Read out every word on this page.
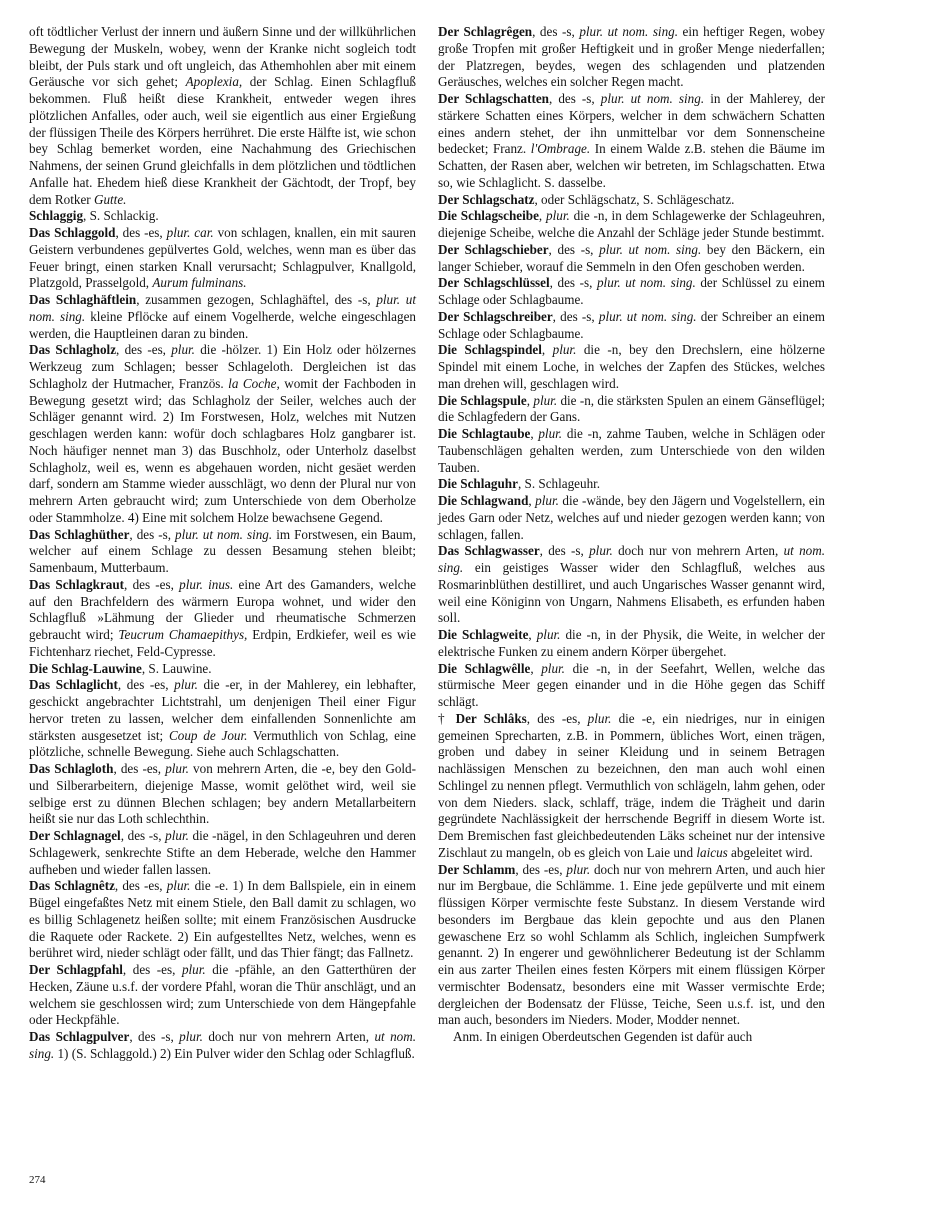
oft tödtlicher Verlust der innern und äußern Sinne und der willkührlichen Bewegung der Muskeln, wobey, wenn der Kranke nicht sogleich todt bleibt, der Puls stark und oft ungleich, das Athemhohlen aber mit einem Geräusche vor sich gehet; Apoplexia, der Schlag. Einen Schlagfluß bekommen. Fluß heißt diese Krankheit, entweder wegen ihres plötzlichen Anfalles, oder auch, weil sie eigentlich aus einer Ergießung der flüssigen Theile des Körpers herrühret. Die erste Hälfte ist, wie schon bey Schlag bemerket worden, eine Nachahmung des Griechischen Nahmens, der seinen Grund gleichfalls in dem plötzlichen und tödtlichen Anfalle hat. Ehedem hieß diese Krankheit der Gächtodt, der Tropf, bey dem Rotker Gutte.

Schlaggig, S. Schlackig.

Das Schlaggold, des -es, plur. car. von schlagen, knallen, ein mit sauren Geistern verbundenes gepülvertes Gold, welches, wenn man es über das Feuer bringt, einen starken Knall verursacht; Schlagpulver, Knallgold, Platzgold, Prasselgold, Aurum fulminans.

Das Schlaghäftlein, zusammen gezogen, Schlaghäftel, des -s, plur. ut nom. sing. kleine Pflöcke auf einem Vogelherde, welche eingeschlagen werden, die Hauptleinen daran zu binden.

Das Schlagholz, des -es, plur. die -hölzer. 1) Ein Holz oder hölzernes Werkzeug zum Schlagen; besser Schlageloth. Dergleichen ist das Schlagholz der Hutmacher, Französ. la Coche, womit der Fachboden in Bewegung gesetzt wird; das Schlagholz der Seiler, welches auch der Schläger genannt wird. 2) Im Forstwesen, Holz, welches mit Nutzen geschlagen werden kann: wofür doch schlagbares Holz gangbarer ist. Noch häufiger nennet man 3) das Buschholz, oder Unterholz daselbst Schlagholz, weil es, wenn es abgehauen worden, nicht gesäet werden darf, sondern am Stamme wieder ausschlägt, wo denn der Plural nur von mehrern Arten gebraucht wird; zum Unterschiede von dem Oberholze oder Stammholze. 4) Eine mit solchem Holze bewachsene Gegend.

Das Schlaghüther, des -s, plur. ut nom. sing. im Forstwesen, ein Baum, welcher auf einem Schlage zu dessen Besamung stehen bleibt; Samenbaum, Mutterbaum.

Das Schlagkraut, des -es, plur. inus. eine Art des Gamanders, welche auf den Brachfeldern des wärmern Europa wohnet, und wider den Schlagfluß »Lähmung der Glieder und rheumatische Schmerzen gebraucht wird; Teucrum Chamaepithys, Erdpin, Erdkiefer, weil es wie Fichtenharz riechet, Feld-Cypresse.

Die Schlag-Lauwine, S. Lauwine.

Das Schlaglicht, des -es, plur. die -er, in der Mahlerey, ein lebhafter, geschickt angebrachter Lichtstrahl, um denjenigen Theil einer Figur hervor treten zu lassen, welcher dem einfallenden Sonnenlichte am stärksten ausgesetzet ist; Coup de Jour. Vermuthlich von Schlag, eine plötzliche, schnelle Bewegung. Siehe auch Schlagschatten.

Das Schlagloth, des -es, plur. von mehrern Arten, die -e, bey den Gold- und Silberarbeitern, diejenige Masse, womit gelöthet wird, weil sie selbige erst zu dünnen Blechen schlagen; bey andern Metallarbeitern heißt sie nur das Loth schlechthin.

Der Schlagnagel, des -s, plur. die -nägel, in den Schlageuhren und deren Schlagewerk, senkrechte Stifte an dem Heberade, welche den Hammer aufheben und wieder fallen lassen.

Das Schlagnêtz, des -es, plur. die -e. 1) In dem Ballspiele, ein in einem Bügel eingefaßtes Netz mit einem Stiele, den Ball damit zu schlagen, wo es billig Schlagenetz heißen sollte; mit einem Französischen Ausdrucke die Raquete oder Rackete. 2) Ein aufgestelltes Netz, welches, wenn es berühret wird, nieder schlägt oder fällt, und das Thier fängt; das Fallnetz.

Der Schlagpfahl, des -es, plur. die -pfähle, an den Gatterthüren der Hecken, Zäune u.s.f. der vordere Pfahl, woran die Thür anschlägt, und an welchem sie geschlossen wird; zum Unterschiede von dem Hängepfahle oder Heckpfähle.

Das Schlagpulver, des -s, plur. doch nur von mehrern Arten, ut nom. sing. 1) (S. Schlaggold.) 2) Ein Pulver wider den Schlag oder Schlagfluß.

Der Schlagrêgen, des -s, plur. ut nom. sing. ein heftiger Regen, wobey große Tropfen mit großer Heftigkeit und in großer Menge niederfallen; der Platzregen, beydes, wegen des schlagenden und platzenden Geräusches, welches ein solcher Regen macht.

Der Schlagschatten, des -s, plur. ut nom. sing. in der Mahlerey, der stärkere Schatten eines Körpers, welcher in dem schwächern Schatten eines andern stehet, der ihn unmittelbar vor dem Sonnenscheine bedecket; Franz. l'Ombrage. In einem Walde z.B. stehen die Bäume im Schatten, der Rasen aber, welchen wir betreten, im Schlagschatten. Etwa so, wie Schlaglicht. S. dasselbe.

Der Schlagschatz, oder Schlägschatz, S. Schlägeschatz.

Die Schlagscheibe, plur. die -n, in dem Schlagewerke der Schlageuhren, diejenige Scheibe, welche die Anzahl der Schläge jeder Stunde bestimmt.

Der Schlagschieber, des -s, plur. ut nom. sing. bey den Bäckern, ein langer Schieber, worauf die Semmeln in den Ofen geschoben werden.

Der Schlagschlüssel, des -s, plur. ut nom. sing. der Schlüssel zu einem Schlage oder Schlagbaume.

Der Schlagschreiber, des -s, plur. ut nom. sing. der Schreiber an einem Schlage oder Schlagbaume.

Die Schlagspindel, plur. die -n, bey den Drechslern, eine hölzerne Spindel mit einem Loche, in welches der Zapfen des Stückes, welches man drehen will, geschlagen wird.

Die Schlagspule, plur. die -n, die stärksten Spulen an einem Gänseflügel; die Schlagfedern der Gans.

Die Schlagtaube, plur. die -n, zahme Tauben, welche in Schlägen oder Taubenschlägen gehalten werden, zum Unterschiede von den wilden Tauben.

Die Schlaguhr, S. Schlageuhr.

Die Schlagwand, plur. die -wände, bey den Jägern und Vogelstellern, ein jedes Garn oder Netz, welches auf und nieder gezogen werden kann; von schlagen, fallen.

Das Schlagwasser, des -s, plur. doch nur von mehrern Arten, ut nom. sing. ein geistiges Wasser wider den Schlagfluß, welches aus Rosmarinblüthen destilliret, und auch Ungarisches Wasser genannt wird, weil eine Königinn von Ungarn, Nahmens Elisabeth, es erfunden haben soll.

Die Schlagweite, plur. die -n, in der Physik, die Weite, in welcher der elektrische Funken zu einem andern Körper übergehet.

Die Schlagwêlle, plur. die -n, in der Seefahrt, Wellen, welche das stürmische Meer gegen einander und in die Höhe gegen das Schiff schlägt.

† Der Schlâks, des -es, plur. die -e, ein niedriges, nur in einigen gemeinen Sprecharten, z.B. in Pommern, übliches Wort, einen trägen, groben und dabey in seiner Kleidung und in seinem Betragen nachlässigen Menschen zu bezeichnen, den man auch wohl einen Schlingel zu nennen pflegt. Vermuthlich von schlägeln, lahm gehen, oder von dem Nieders. slack, schlaff, träge, indem die Trägheit und darin gegründete Nachlässigkeit der herrschende Begriff in diesem Worte ist. Dem Bremischen fast gleichbedeutenden Läks scheinet nur der intensive Zischlaut zu mangeln, ob es gleich von Laie und laicus abgeleitet wird.

Der Schlamm, des -es, plur. doch nur von mehrern Arten, und auch hier nur im Bergbaue, die Schlämme. 1. Eine jede gepülverte und mit einem flüssigen Körper vermischte feste Substanz. In diesem Verstande wird besonders im Bergbaue das klein gepochte und aus den Planen gewaschene Erz so wohl Schlamm als Schlich, ingleichen Sumpfwerk genannt. 2) In engerer und gewöhnlicherer Bedeutung ist der Schlamm ein aus zarter Theilen eines festen Körpers mit einem flüssigen Körper vermischter Bodensatz, besonders eine mit Wasser vermischte Erde; dergleichen der Bodensatz der Flüsse, Teiche, Seen u.s.f. ist, und den man auch, besonders im Nieders. Moder, Modder nennet.

Anm. In einigen Oberdeutschen Gegenden ist dafür auch

274
